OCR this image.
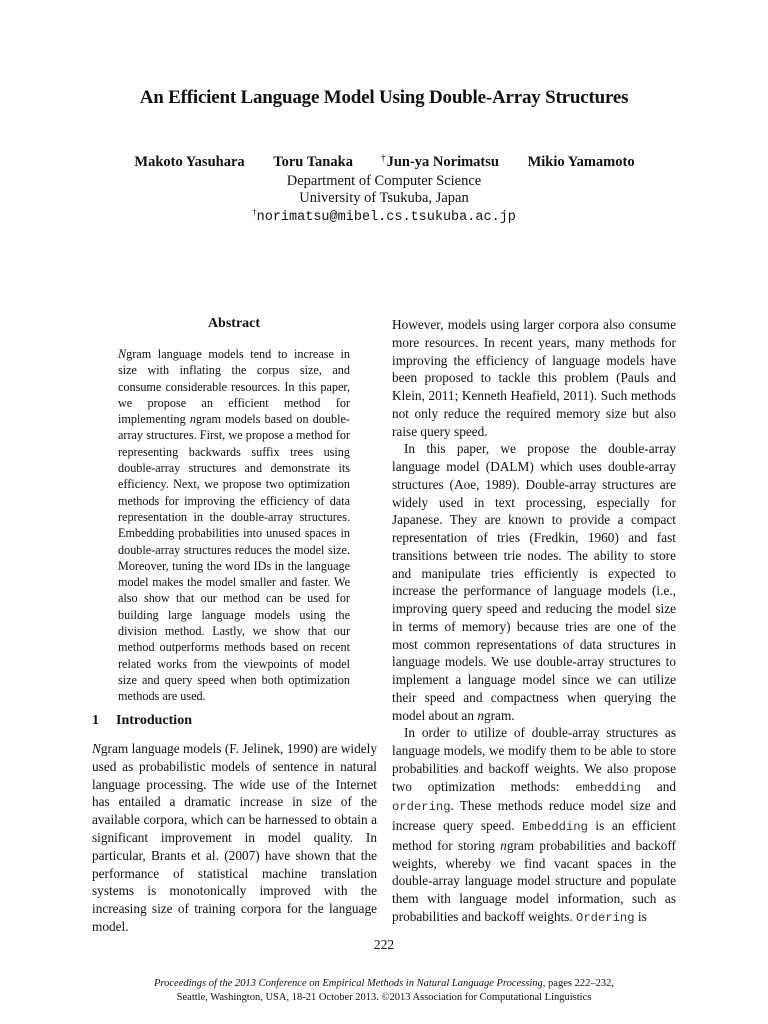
An Efficient Language Model Using Double-Array Structures
Makoto Yasuhara Toru Tanaka	†Jun-ya Norimatsu Mikio Yamamoto
Department of Computer Science
University of Tsukuba, Japan
†norimatsu@mibel.cs.tsukuba.ac.jp
Abstract

Ngram language models tend to increase in size with inflating the corpus size, and consume considerable resources. In this paper, we propose an efficient method for implementing ngram models based on double-array structures. First, we propose a method for representing backwards suffix trees using double-array structures and demonstrate its efficiency. Next, we propose two optimization methods for improving the efficiency of data representation in the double-array structures. Embedding probabilities into unused spaces in double-array structures reduces the model size. Moreover, tuning the word IDs in the language model makes the model smaller and faster. We also show that our method can be used for building large language models using the division method. Lastly, we show that our method outperforms methods based on recent related works from the viewpoints of model size and query speed when both optimization methods are used.

1 Introduction

Ngram language models (F. Jelinek, 1990) are widely used as probabilistic models of sentence in natural language processing. The wide use of the Internet has entailed a dramatic increase in size of the available corpora, which can be harnessed to obtain a significant improvement in model quality. In particular, Brants et al. (2007) have shown that the performance of statistical machine translation systems is monotonically improved with the increasing size of training corpora for the language model.

However, models using larger corpora also consume more resources. In recent years, many methods for improving the efficiency of language models have been proposed to tackle this problem (Pauls and Klein, 2011; Kenneth Heafield, 2011). Such methods not only reduce the required memory size but also raise query speed.

In this paper, we propose the double-array language model (DALM) which uses double-array structures (Aoe, 1989). Double-array structures are widely used in text processing, especially for Japanese. They are known to provide a compact representation of tries (Fredkin, 1960) and fast transitions between trie nodes. The ability to store and manipulate tries efficiently is expected to increase the performance of language models (i.e., improving query speed and reducing the model size in terms of memory) because tries are one of the most common representations of data structures in language models. We use double-array structures to implement a language model since we can utilize their speed and compactness when querying the model about an ngram.

In order to utilize of double-array structures as language models, we modify them to be able to store probabilities and backoff weights. We also propose two optimization methods: embedding and ordering. These methods reduce model size and increase query speed. Embedding is an efficient method for storing ngram probabilities and backoff weights, whereby we find vacant spaces in the double-array language model structure and populate them with language model information, such as probabilities and backoff weights. Ordering is

222
Proceedings of the 2013 Conference on Empirical Methods in Natural Language Processing, pages 222–232,
Seattle, Washington, USA, 18-21 October 2013. ©2013 Association for Computational Linguistics
